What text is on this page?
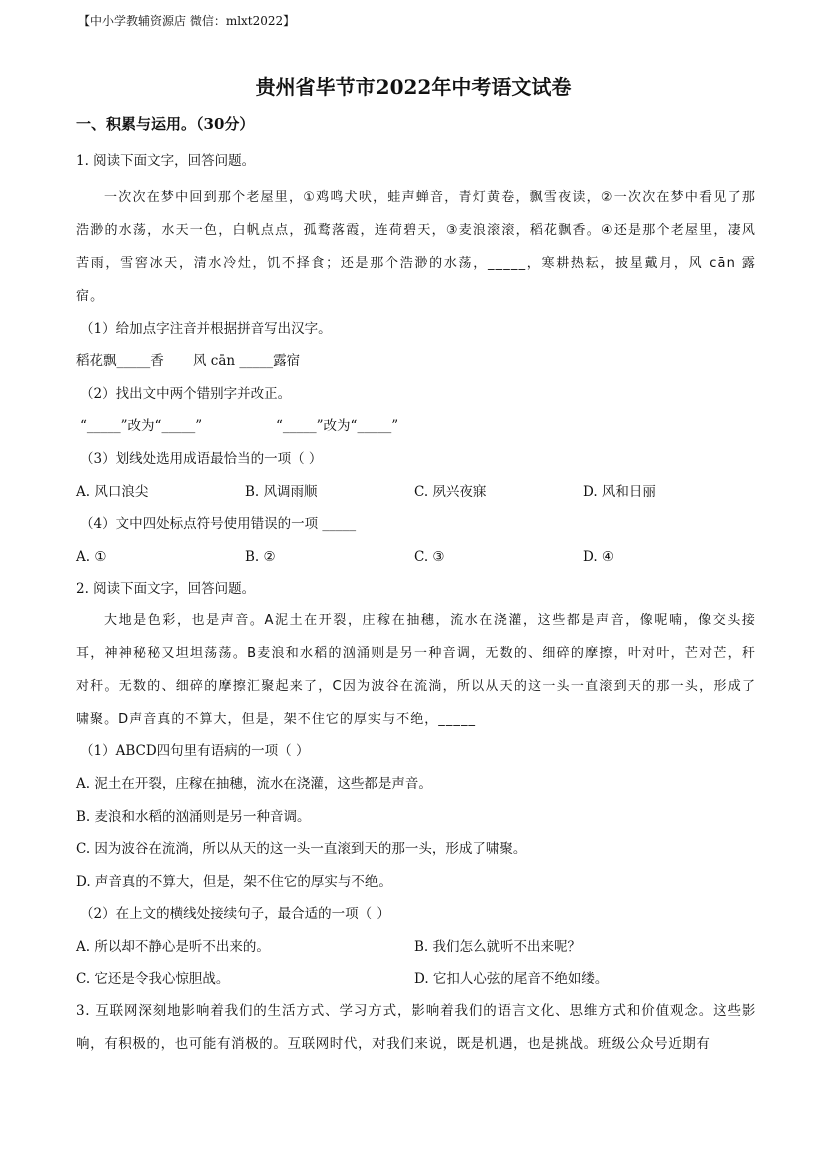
【中小学教辅资源店 微信：mlxt2022】
贵州省毕节市2022年中考语文试卷
一、积累与运用。（30分）
1. 阅读下面文字，回答问题。
一次次在梦中回到那个老屋里，①鸡鸣犬吠，蛙声蝉音，青灯黄卷，飘雪夜读，②一次次在梦中看见了那浩渺的水荡，水天一色，白帆点点，孤鹜落霞，连荷碧天，③麦浪滚滚，稻花飘香。④还是那个老屋里，凄风苦雨，雪窖冰天，清水冷灶，饥不择食；还是那个浩渺的水荡，_____，寒耕热耘，披星戴月，风 cān 露宿。
（1）给加点字注音并根据拼音写出汉字。
稻花飘_____香 风 cān _____露宿
（2）找出文中两个错别字并改正。
“_____”改为“_____”	“_____”改为“_____”
（3）划线处选用成语最恰当的一项（ ）
A. 风口浪尖	B. 风调雨顺	C. 夙兴夜寐	D. 风和日丽
（4）文中四处标点符号使用错误的一项 _____
A. ①	B. ②	C. ③	D. ④
2. 阅读下面文字，回答问题。
大地是色彩，也是声音。A泥土在开裂，庄稼在抽穗，流水在浇灌，这些都是声音，像呢喃，像交头接耳，神神秘秘又坦坦荡荡。B麦浪和水稻的汹涌则是另一种音调，无数的、细碎的摩擦，叶对叶，芒对芒，秆对秆。无数的、细碎的摩擦汇聚起来了，C因为波谷在流淌，所以从天的这一头一直滚到天的那一头，形成了啸聚。D声音真的不算大，但是，架不住它的厚实与不绝，_____
（1）ABCD四句里有语病的一项（ ）
A. 泥土在开裂，庄稼在抽穗，流水在浇灌，这些都是声音。
B. 麦浪和水稻的汹涌则是另一种音调。
C. 因为波谷在流淌，所以从天的这一头一直滚到天的那一头，形成了啸聚。
D. 声音真的不算大，但是，架不住它的厚实与不绝。
（2）在上文的横线处接续句子，最合适的一项（ ）
A. 所以却不静心是听不出来的。	B. 我们怎么就听不出来呢？
C. 它还是令我心惊胆战。	D. 它扣人心弦的尾音不绝如缕。
3. 互联网深刻地影响着我们的生活方式、学习方式，影响着我们的语言文化、思维方式和价值观念。这些影响，有积极的，也可能有消极的。互联网时代，对我们来说，既是机遇，也是挑战。班级公众号近期有
